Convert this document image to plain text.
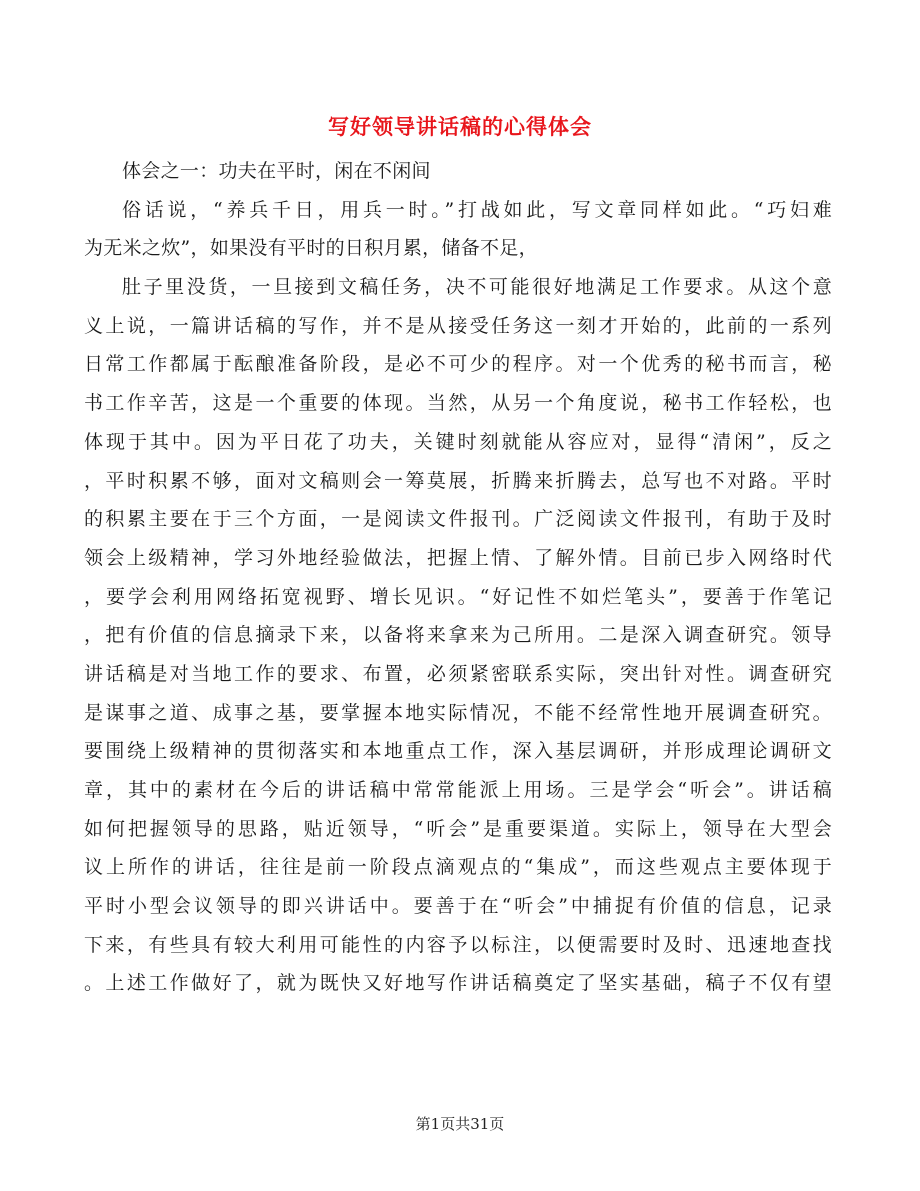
写好领导讲话稿的心得体会
体会之一：功夫在平时，闲在不闲间
俗话说，“养兵千日，用兵一时。”打战如此，写文章同样如此。“巧妇难
为无米之炊”，如果没有平时的日积月累，储备不足，
肚子里没货，一旦接到文稿任务，决不可能很好地满足工作要求。从这个意
义上说，一篇讲话稿的写作，并不是从接受任务这一刻才开始的，此前的一系列
日常工作都属于酝酿准备阶段，是必不可少的程序。对一个优秀的秘书而言，秘
书工作辛苦，这是一个重要的体现。当然，从另一个角度说，秘书工作轻松，也
体现于其中。因为平日花了功夫，关键时刻就能从容应对，显得“清闲”，反之
，平时积累不够，面对文稿则会一筹莫展，折腾来折腾去，总写也不对路。平时
的积累主要在于三个方面，一是阅读文件报刊。广泛阅读文件报刊，有助于及时
领会上级精神，学习外地经验做法，把握上情、了解外情。目前已步入网络时代
，要学会利用网络拓宽视野、增长见识。“好记性不如烂笔头”，要善于作笔记
，把有价值的信息摘录下来，以备将来拿来为己所用。二是深入调查研究。领导
讲话稿是对当地工作的要求、布置，必须紧密联系实际，突出针对性。调查研究
是谋事之道、成事之基，要掌握本地实际情况，不能不经常性地开展调查研究。
要围绕上级精神的贯彻落实和本地重点工作，深入基层调研，并形成理论调研文
章，其中的素材在今后的讲话稿中常常能派上用场。三是学会“听会”。讲话稿
如何把握领导的思路，贴近领导，“听会”是重要渠道。实际上，领导在大型会
议上所作的讲话，往往是前一阶段点滴观点的“集成”，而这些观点主要体现于
平时小型会议领导的即兴讲话中。要善于在“听会”中捕捉有价值的信息，记录
下来，有些具有较大利用可能性的内容予以标注，以便需要时及时、迅速地查找
。上述工作做好了，就为既快又好地写作讲话稿奠定了坚实基础，稿子不仅有望
第1页共31页
